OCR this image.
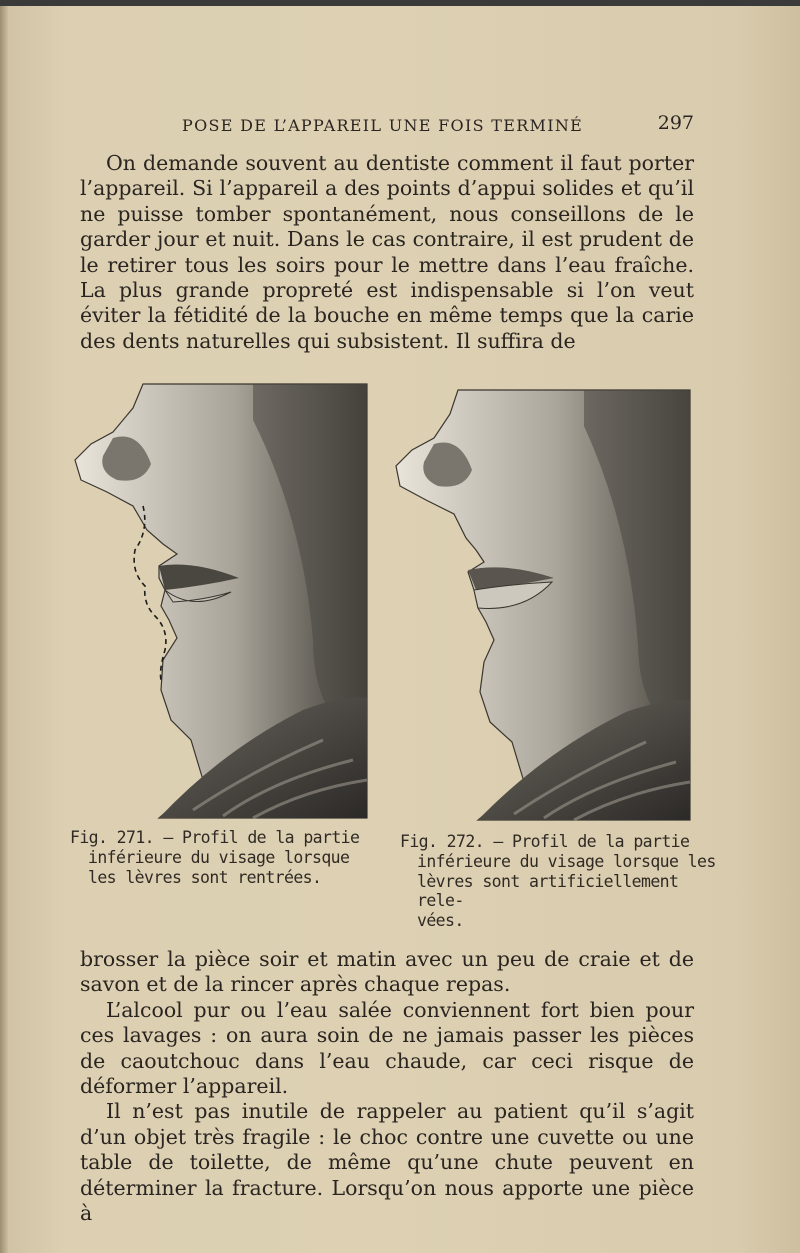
POSE DE L’APPAREIL UNE FOIS TERMINÉ	297

On demande souvent au dentiste comment il faut porter l’appareil. Si l’appareil a des points d’appui solides et qu’il ne puisse tomber spontanément, nous conseillons de le garder jour et nuit. Dans le cas contraire, il est prudent de le retirer tous les soirs pour le mettre dans l’eau fraîche. La plus grande propreté est indispensable si l’on veut éviter la fétidité de la bouche en même temps que la carie des dents naturelles qui subsistent. Il suffira de

Fig. 271. — Profil de la partie
inférieure du visage lorsque
les lèvres sont rentrées.
Fig. 272. — Profil de la partie
inférieure du visage lorsque les
lèvres sont artificiellement rele-
vées.

brosser la pièce soir et matin avec un peu de craie et de savon et de la rincer après chaque repas.

L’alcool pur ou l’eau salée conviennent fort bien pour ces lavages : on aura soin de ne jamais passer les pièces de caoutchouc dans l’eau chaude, car ceci risque de déformer l’appareil.

Il n’est pas inutile de rappeler au patient qu’il s’agit d’un objet très fragile : le choc contre une cuvette ou une table de toilette, de même qu’une chute peuvent en déterminer la fracture. Lorsqu’on nous apporte une pièce à
